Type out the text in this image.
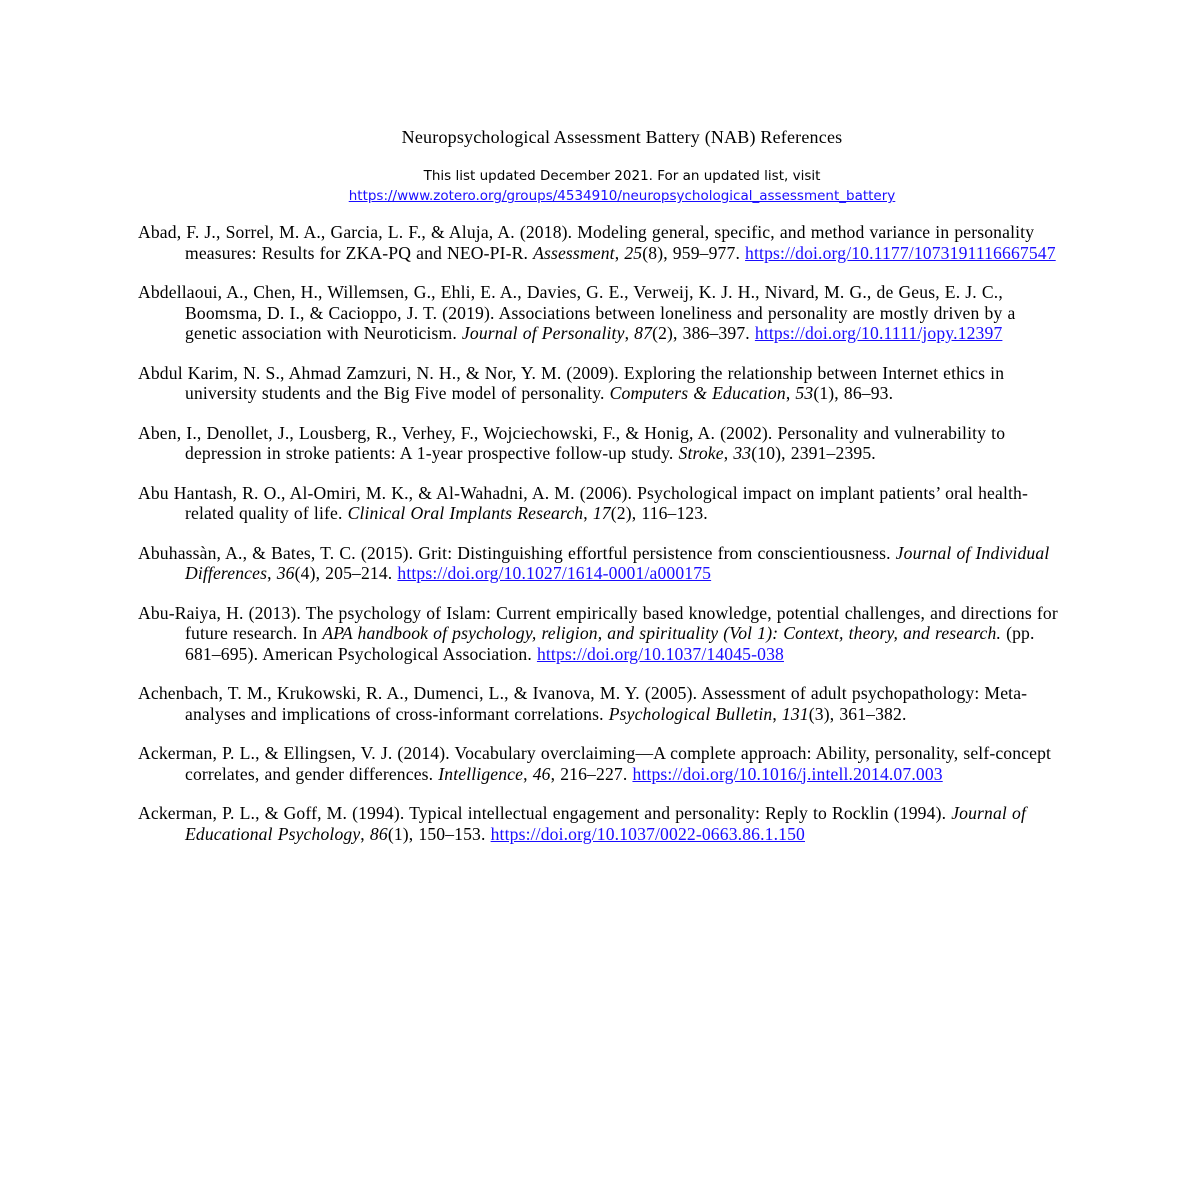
Neuropsychological Assessment Battery (NAB) References
This list updated December 2021. For an updated list, visit
https://www.zotero.org/groups/4534910/neuropsychological_assessment_battery

Abad, F. J., Sorrel, M. A., Garcia, L. F., & Aluja, A. (2018). Modeling general, specific, and method variance in personality measures: Results for ZKA-PQ and NEO-PI-R. Assessment, 25(8), 959–977. https://doi.org/10.1177/1073191116667547

Abdellaoui, A., Chen, H., Willemsen, G., Ehli, E. A., Davies, G. E., Verweij, K. J. H., Nivard, M. G., de Geus, E. J. C., Boomsma, D. I., & Cacioppo, J. T. (2019). Associations between loneliness and personality are mostly driven by a genetic association with Neuroticism. Journal of Personality, 87(2), 386–397. https://doi.org/10.1111/jopy.12397

Abdul Karim, N. S., Ahmad Zamzuri, N. H., & Nor, Y. M. (2009). Exploring the relationship between Internet ethics in university students and the Big Five model of personality. Computers & Education, 53(1), 86–93.

Aben, I., Denollet, J., Lousberg, R., Verhey, F., Wojciechowski, F., & Honig, A. (2002). Personality and vulnerability to depression in stroke patients: A 1-year prospective follow-up study. Stroke, 33(10), 2391–2395.

Abu Hantash, R. O., Al-Omiri, M. K., & Al-Wahadni, A. M. (2006). Psychological impact on implant patients’ oral health-related quality of life. Clinical Oral Implants Research, 17(2), 116–123.

Abuhassàn, A., & Bates, T. C. (2015). Grit: Distinguishing effortful persistence from conscientiousness. Journal of Individual Differences, 36(4), 205–214. https://doi.org/10.1027/1614-0001/a000175

Abu-Raiya, H. (2013). The psychology of Islam: Current empirically based knowledge, potential challenges, and directions for future research. In APA handbook of psychology, religion, and spirituality (Vol 1): Context, theory, and research. (pp. 681–695). American Psychological Association. https://doi.org/10.1037/14045-038

Achenbach, T. M., Krukowski, R. A., Dumenci, L., & Ivanova, M. Y. (2005). Assessment of adult psychopathology: Meta-analyses and implications of cross-informant correlations. Psychological Bulletin, 131(3), 361–382.

Ackerman, P. L., & Ellingsen, V. J. (2014). Vocabulary overclaiming—A complete approach: Ability, personality, self-concept correlates, and gender differences. Intelligence, 46, 216–227. https://doi.org/10.1016/j.intell.2014.07.003

Ackerman, P. L., & Goff, M. (1994). Typical intellectual engagement and personality: Reply to Rocklin (1994). Journal of Educational Psychology, 86(1), 150–153. https://doi.org/10.1037/0022-0663.86.1.150
